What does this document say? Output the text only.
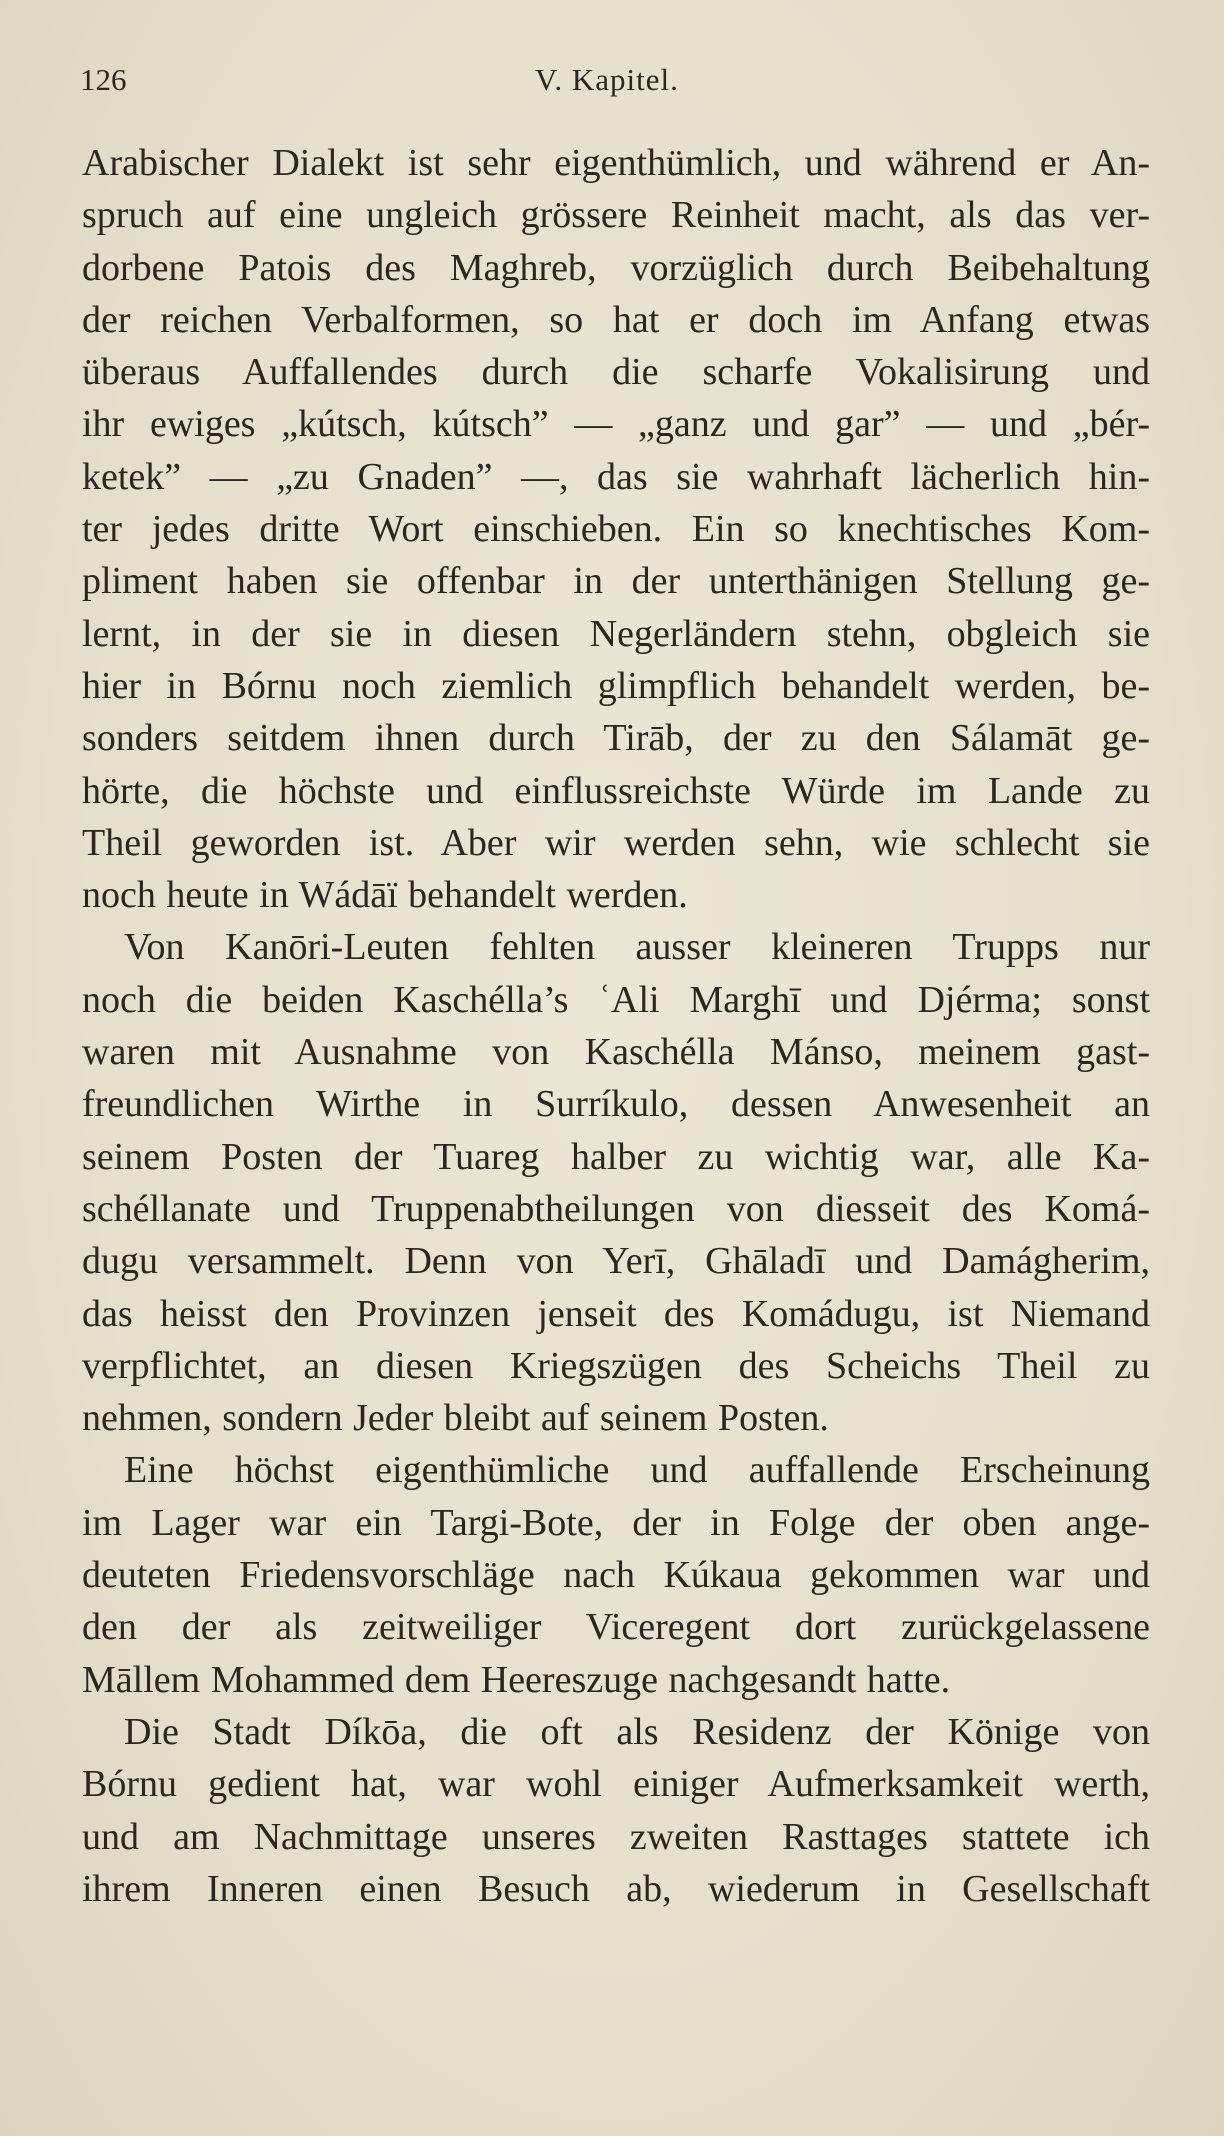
126	V. Kapitel.
Arabischer Dialekt ist sehr eigenthümlich, und während er An-
spruch auf eine ungleich grössere Reinheit macht, als das ver-
dorbene Patois des Maghreb, vorzüglich durch Beibehaltung
der reichen Verbalformen, so hat er doch im Anfang etwas
überaus Auffallendes durch die scharfe Vokalisirung und
ihr ewiges „kútsch, kútsch” — „ganz und gar” — und „bér-
ketek” — „zu Gnaden” —, das sie wahrhaft lächerlich hin-
ter jedes dritte Wort einschieben. Ein so knechtisches Kom-
pliment haben sie offenbar in der unterthänigen Stellung ge-
lernt, in der sie in diesen Negerländern stehn, obgleich sie
hier in Bórnu noch ziemlich glimpflich behandelt werden, be-
sonders seitdem ihnen durch Tirāb, der zu den Sálamāt ge-
hörte, die höchste und einflussreichste Würde im Lande zu
Theil geworden ist. Aber wir werden sehn, wie schlecht sie
noch heute in Wádāï behandelt werden.
Von Kanōri-Leuten fehlten ausser kleineren Trupps nur
noch die beiden Kaschélla’s ʿAli Marghī und Djérma; sonst
waren mit Ausnahme von Kaschélla Mánso, meinem gast-
freundlichen Wirthe in Surríkulo, dessen Anwesenheit an
seinem Posten der Tuareg halber zu wichtig war, alle Ka-
schéllanate und Truppenabtheilungen von diesseit des Komá-
dugu versammelt. Denn von Yerī, Ghāladī und Damágherim,
das heisst den Provinzen jenseit des Komádugu, ist Niemand
verpflichtet, an diesen Kriegszügen des Scheichs Theil zu
nehmen, sondern Jeder bleibt auf seinem Posten.
Eine höchst eigenthümliche und auffallende Erscheinung
im Lager war ein Targi-Bote, der in Folge der oben ange-
deuteten Friedensvorschläge nach Kúkaua gekommen war und
den der als zeitweiliger Viceregent dort zurückgelassene
Māllem Mohammed dem Heereszuge nachgesandt hatte.
Die Stadt Díkōa, die oft als Residenz der Könige von
Bórnu gedient hat, war wohl einiger Aufmerksamkeit werth,
und am Nachmittage unseres zweiten Rasttages stattete ich
ihrem Inneren einen Besuch ab, wiederum in Gesellschaft
